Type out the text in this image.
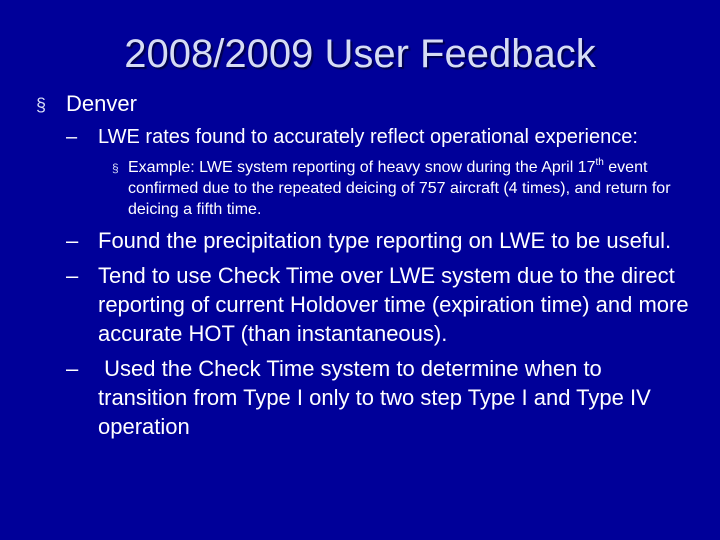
2008/2009 User Feedback
§ Denver
– LWE rates found to accurately reflect operational experience:
§ Example: LWE system reporting of heavy snow during the April 17th event confirmed due to the repeated deicing of 757 aircraft (4 times), and return for deicing a fifth time.
– Found the precipitation type reporting on LWE to be useful.
– Tend to use Check Time over LWE system due to the direct reporting of current Holdover time (expiration time) and more accurate HOT (than instantaneous).
– Used the Check Time system to determine when to transition from Type I only to two step Type I and Type IV operation
